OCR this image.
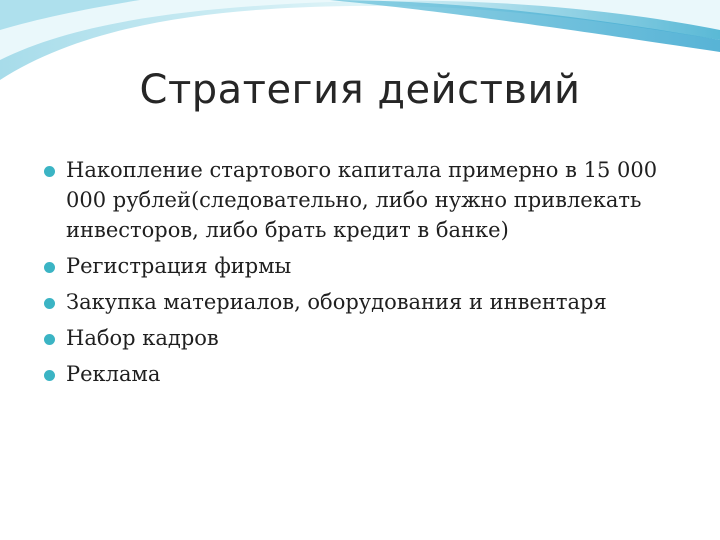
Стратегия действий
Накопление стартового капитала примерно в 15 000 000 рублей(следовательно, либо нужно привлекать инвесторов, либо брать кредит в банке)
Регистрация фирмы
Закупка материалов, оборудования и инвентаря
Набор кадров
Реклама
